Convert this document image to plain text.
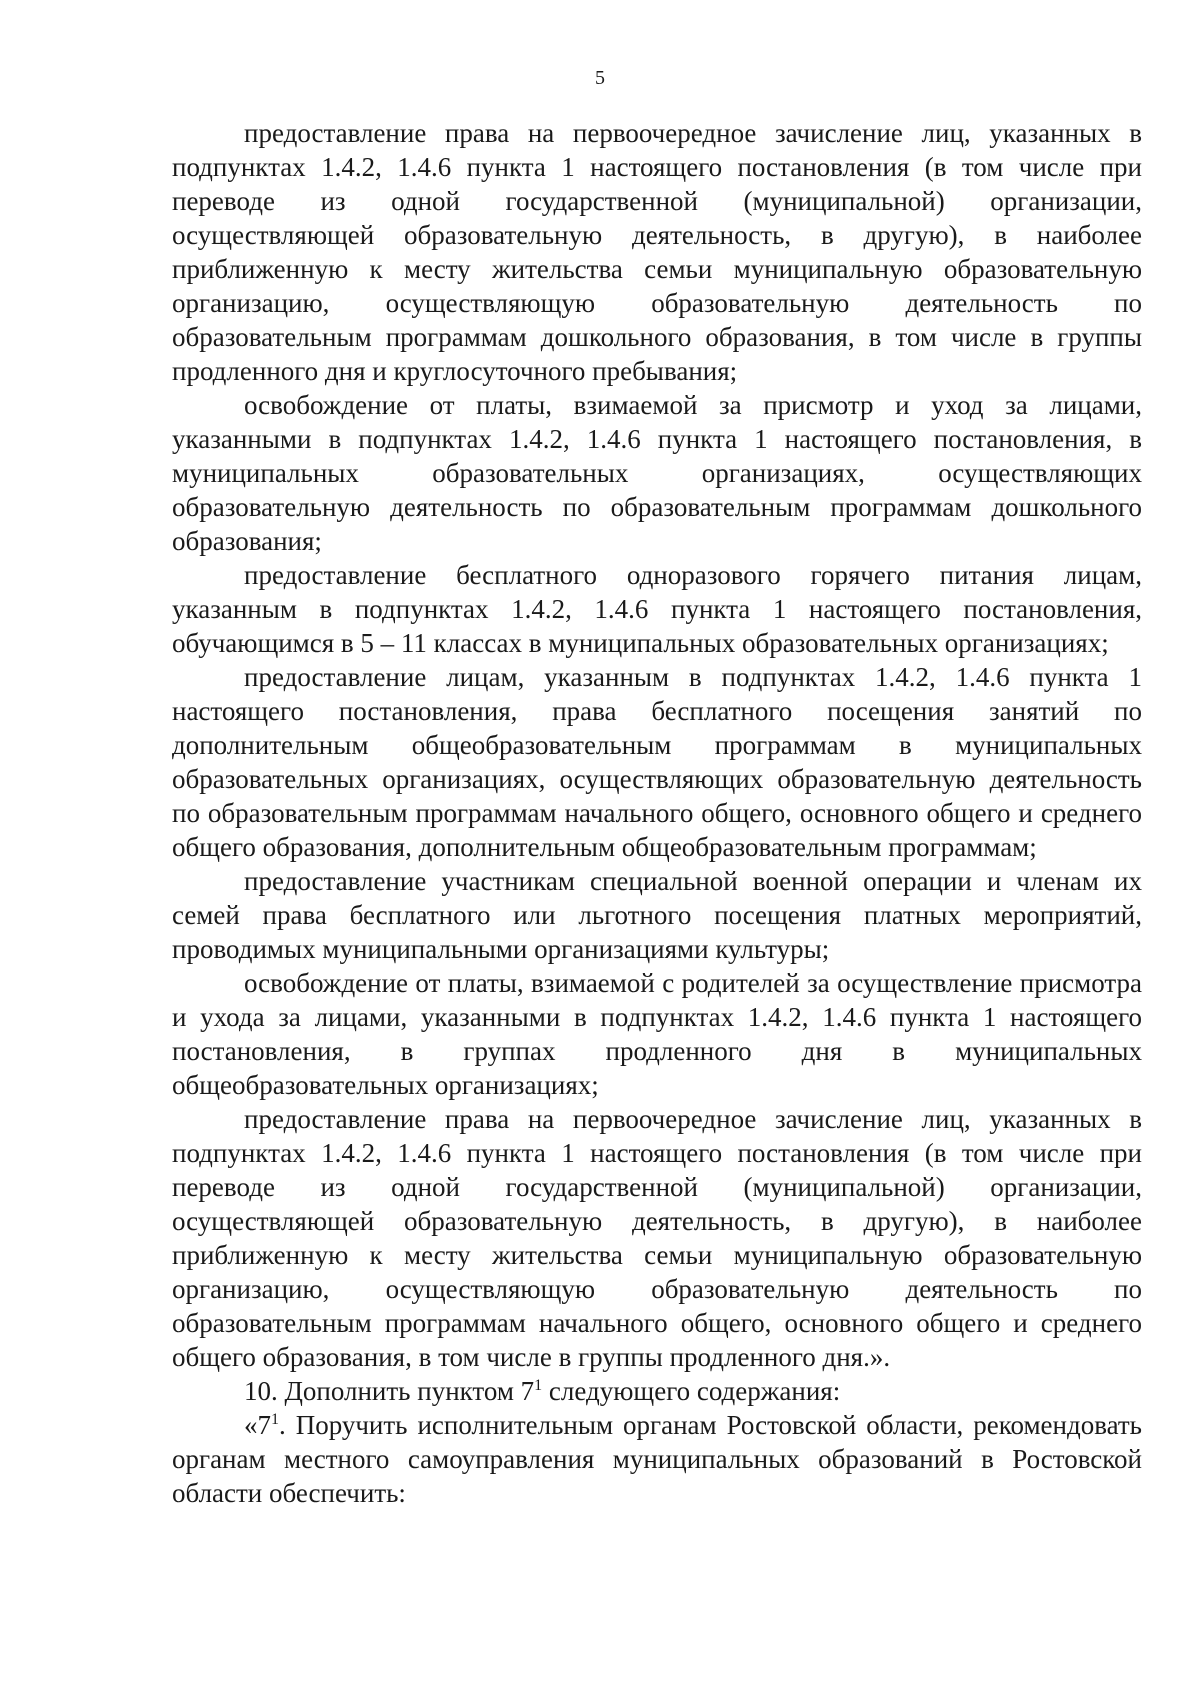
5

предоставление права на первоочередное зачисление лиц, указанных в подпунктах 1.4.2, 1.4.6 пункта 1 настоящего постановления (в том числе при переводе из одной государственной (муниципальной) организации, осуществляющей образовательную деятельность, в другую), в наиболее приближенную к месту жительства семьи муниципальную образовательную организацию, осуществляющую образовательную деятельность по образовательным программам дошкольного образования, в том числе в группы продленного дня и круглосуточного пребывания;

освобождение от платы, взимаемой за присмотр и уход за лицами, указанными в подпунктах 1.4.2, 1.4.6 пункта 1 настоящего постановления, в муниципальных образовательных организациях, осуществляющих образовательную деятельность по образовательным программам дошкольного образования;

предоставление бесплатного одноразового горячего питания лицам, указанным в подпунктах 1.4.2, 1.4.6 пункта 1 настоящего постановления, обучающимся в 5 – 11 классах в муниципальных образовательных организациях;

предоставление лицам, указанным в подпунктах 1.4.2, 1.4.6 пункта 1 настоящего постановления, права бесплатного посещения занятий по дополнительным общеобразовательным программам в муниципальных образовательных организациях, осуществляющих образовательную деятельность по образовательным программам начального общего, основного общего и среднего общего образования, дополнительным общеобразовательным программам;

предоставление участникам специальной военной операции и членам их семей права бесплатного или льготного посещения платных мероприятий, проводимых муниципальными организациями культуры;

освобождение от платы, взимаемой с родителей за осуществление присмотра и ухода за лицами, указанными в подпунктах 1.4.2, 1.4.6 пункта 1 настоящего постановления, в группах продленного дня в муниципальных общеобразовательных организациях;

предоставление права на первоочередное зачисление лиц, указанных в подпунктах 1.4.2, 1.4.6 пункта 1 настоящего постановления (в том числе при переводе из одной государственной (муниципальной) организации, осуществляющей образовательную деятельность, в другую), в наиболее приближенную к месту жительства семьи муниципальную образовательную организацию, осуществляющую образовательную деятельность по образовательным программам начального общего, основного общего и среднего общего образования, в том числе в группы продленного дня.».

10. Дополнить пунктом $7^1$ следующего содержания:

«$7^1$. Поручить исполнительным органам Ростовской области, рекомендовать органам местного самоуправления муниципальных образований в Ростовской области обеспечить:
